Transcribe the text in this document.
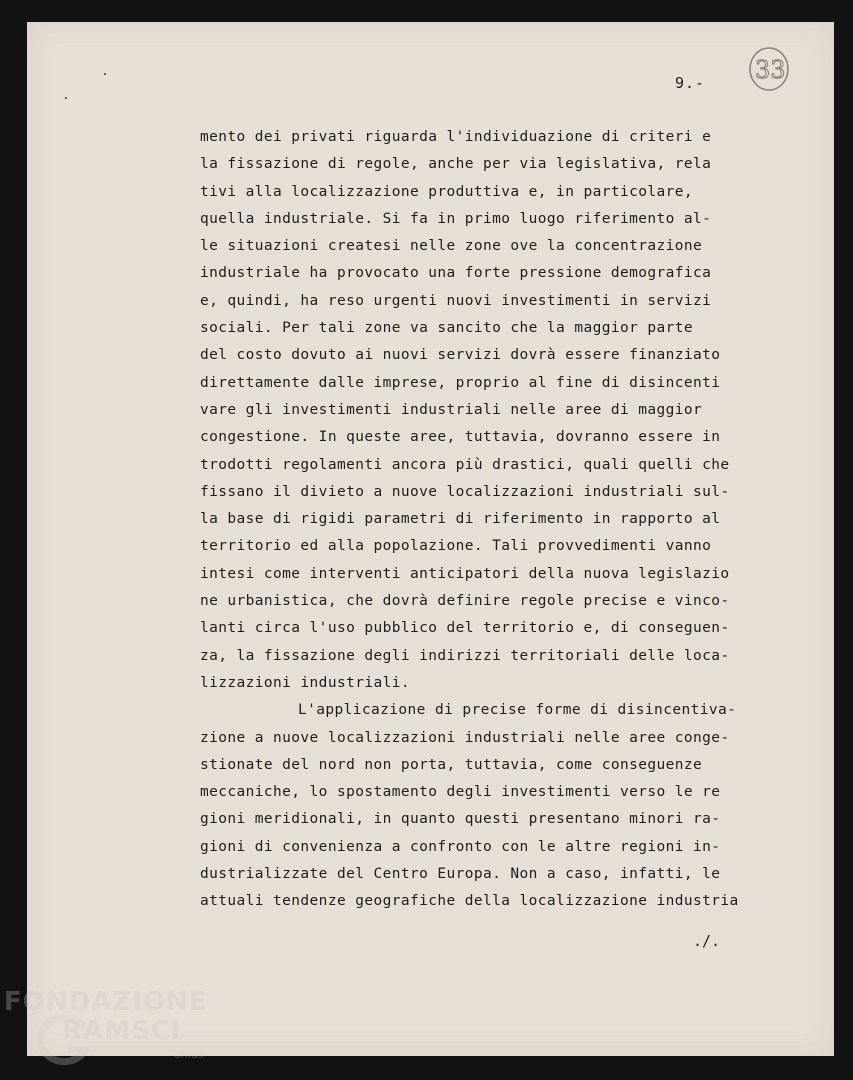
9.- 33
mento dei privati riguarda l'individuazione di criteri e
la fissazione di regole, anche per via legislativa, rela
tivi alla localizzazione produttiva e, in particolare,
quella industriale. Si fa in primo luogo riferimento al-
le situazioni createsi nelle zone ove la concentrazione
industriale ha provocato una forte pressione demografica
e, quindi, ha reso urgenti nuovi investimenti in servizi
sociali. Per tali zone va sancito che la maggior parte
del costo dovuto ai nuovi servizi dovrà essere finanziato
direttamente dalle imprese, proprio al fine di disincenti
vare gli investimenti industriali nelle aree di maggior
congestione. In queste aree, tuttavia, dovranno essere in
trodotti regolamenti ancora più drastici, quali quelli che
fissano il divieto a nuove localizzazioni industriali sul-
la base di rigidi parametri di riferimento in rapporto al
territorio ed alla popolazione. Tali provvedimenti vanno
intesi come interventi anticipatori della nuova legislazio
ne urbanistica, che dovrà definire regole precise e vinco-
lanti circa l'uso pubblico del territorio e, di conseguen-
za, la fissazione degli indirizzi territoriali delle loca-
lizzazioni industriali.
L'applicazione di precise forme di disincentiva-
zione a nuove localizzazioni industriali nelle aree conge-
stionate del nord non porta, tuttavia, come conseguenze
meccaniche, lo spostamento degli investimenti verso le re
gioni meridionali, in quanto questi presentano minori ra-
gioni di convenienza a confronto con le altre regioni in-
dustrializzate del Centro Europa. Non a caso, infatti, le
attuali tendenze geografiche della localizzazione industria
./.
FONDAZIONE
RAMSCI
onlus
